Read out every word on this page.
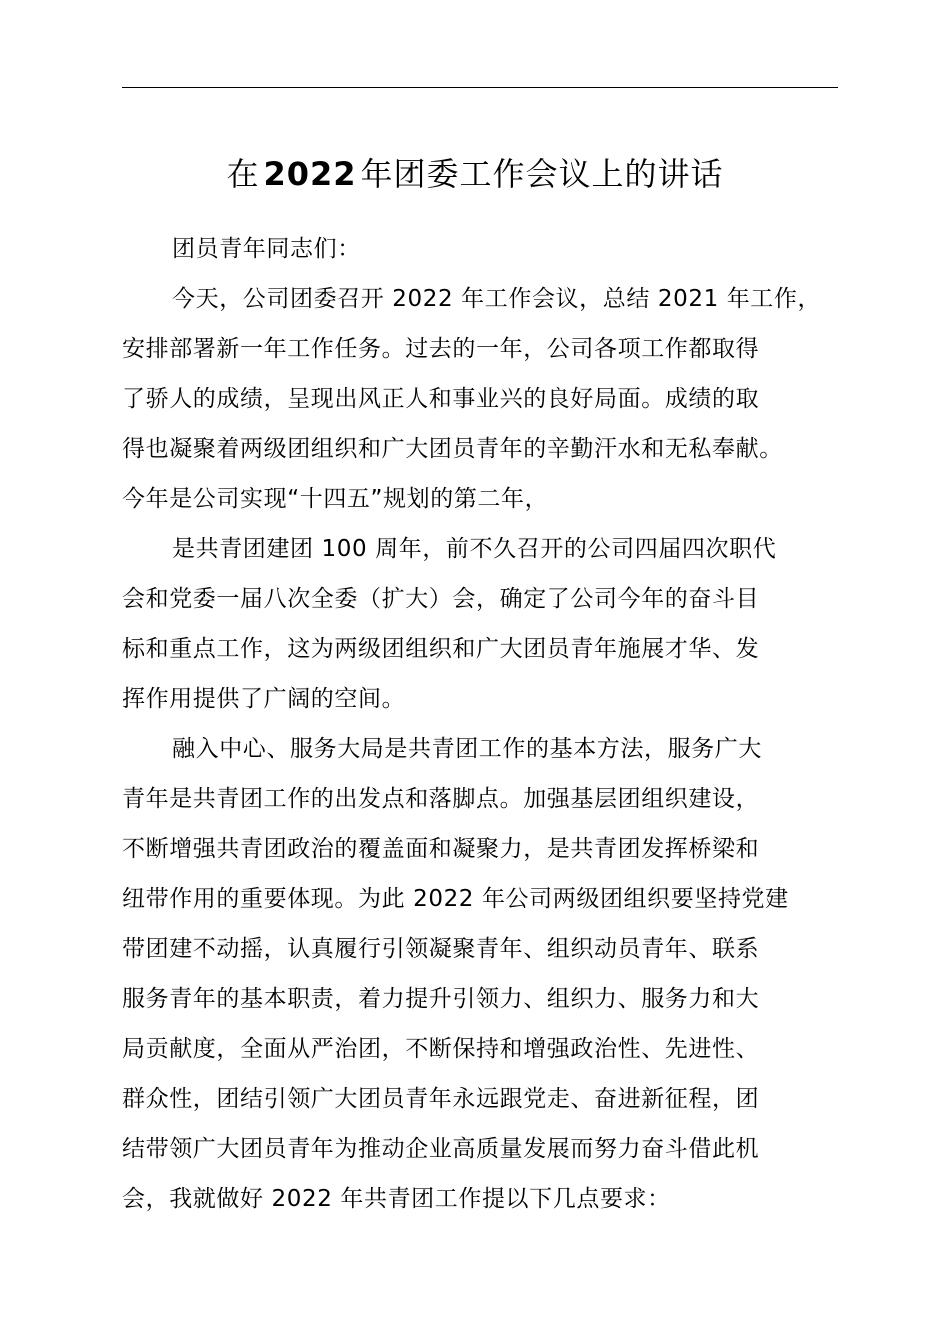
在 2022 年团委工作会议上的讲话
团员青年同志们：
今天，公司团委召开 2022 年工作会议，总结 2021 年工作，
安排部署新一年工作任务。过去的一年，公司各项工作都取得
了骄人的成绩，呈现出风正人和事业兴的良好局面。成绩的取
得也凝聚着两级团组织和广大团员青年的辛勤汗水和无私奉献。
今年是公司实现“十四五”规划的第二年，
是共青团建团 100 周年，前不久召开的公司四届四次职代
会和党委一届八次全委（扩大）会，确定了公司今年的奋斗目
标和重点工作，这为两级团组织和广大团员青年施展才华、发
挥作用提供了广阔的空间。
融入中心、服务大局是共青团工作的基本方法，服务广大
青年是共青团工作的出发点和落脚点。加强基层团组织建设，
不断增强共青团政治的覆盖面和凝聚力，是共青团发挥桥梁和
纽带作用的重要体现。为此 2022 年公司两级团组织要坚持党建
带团建不动摇，认真履行引领凝聚青年、组织动员青年、联系
服务青年的基本职责，着力提升引领力、组织力、服务力和大
局贡献度，全面从严治团，不断保持和增强政治性、先进性、
群众性，团结引领广大团员青年永远跟党走、奋进新征程，团
结带领广大团员青年为推动企业高质量发展而努力奋斗借此机
会，我就做好 2022 年共青团工作提以下几点要求：
